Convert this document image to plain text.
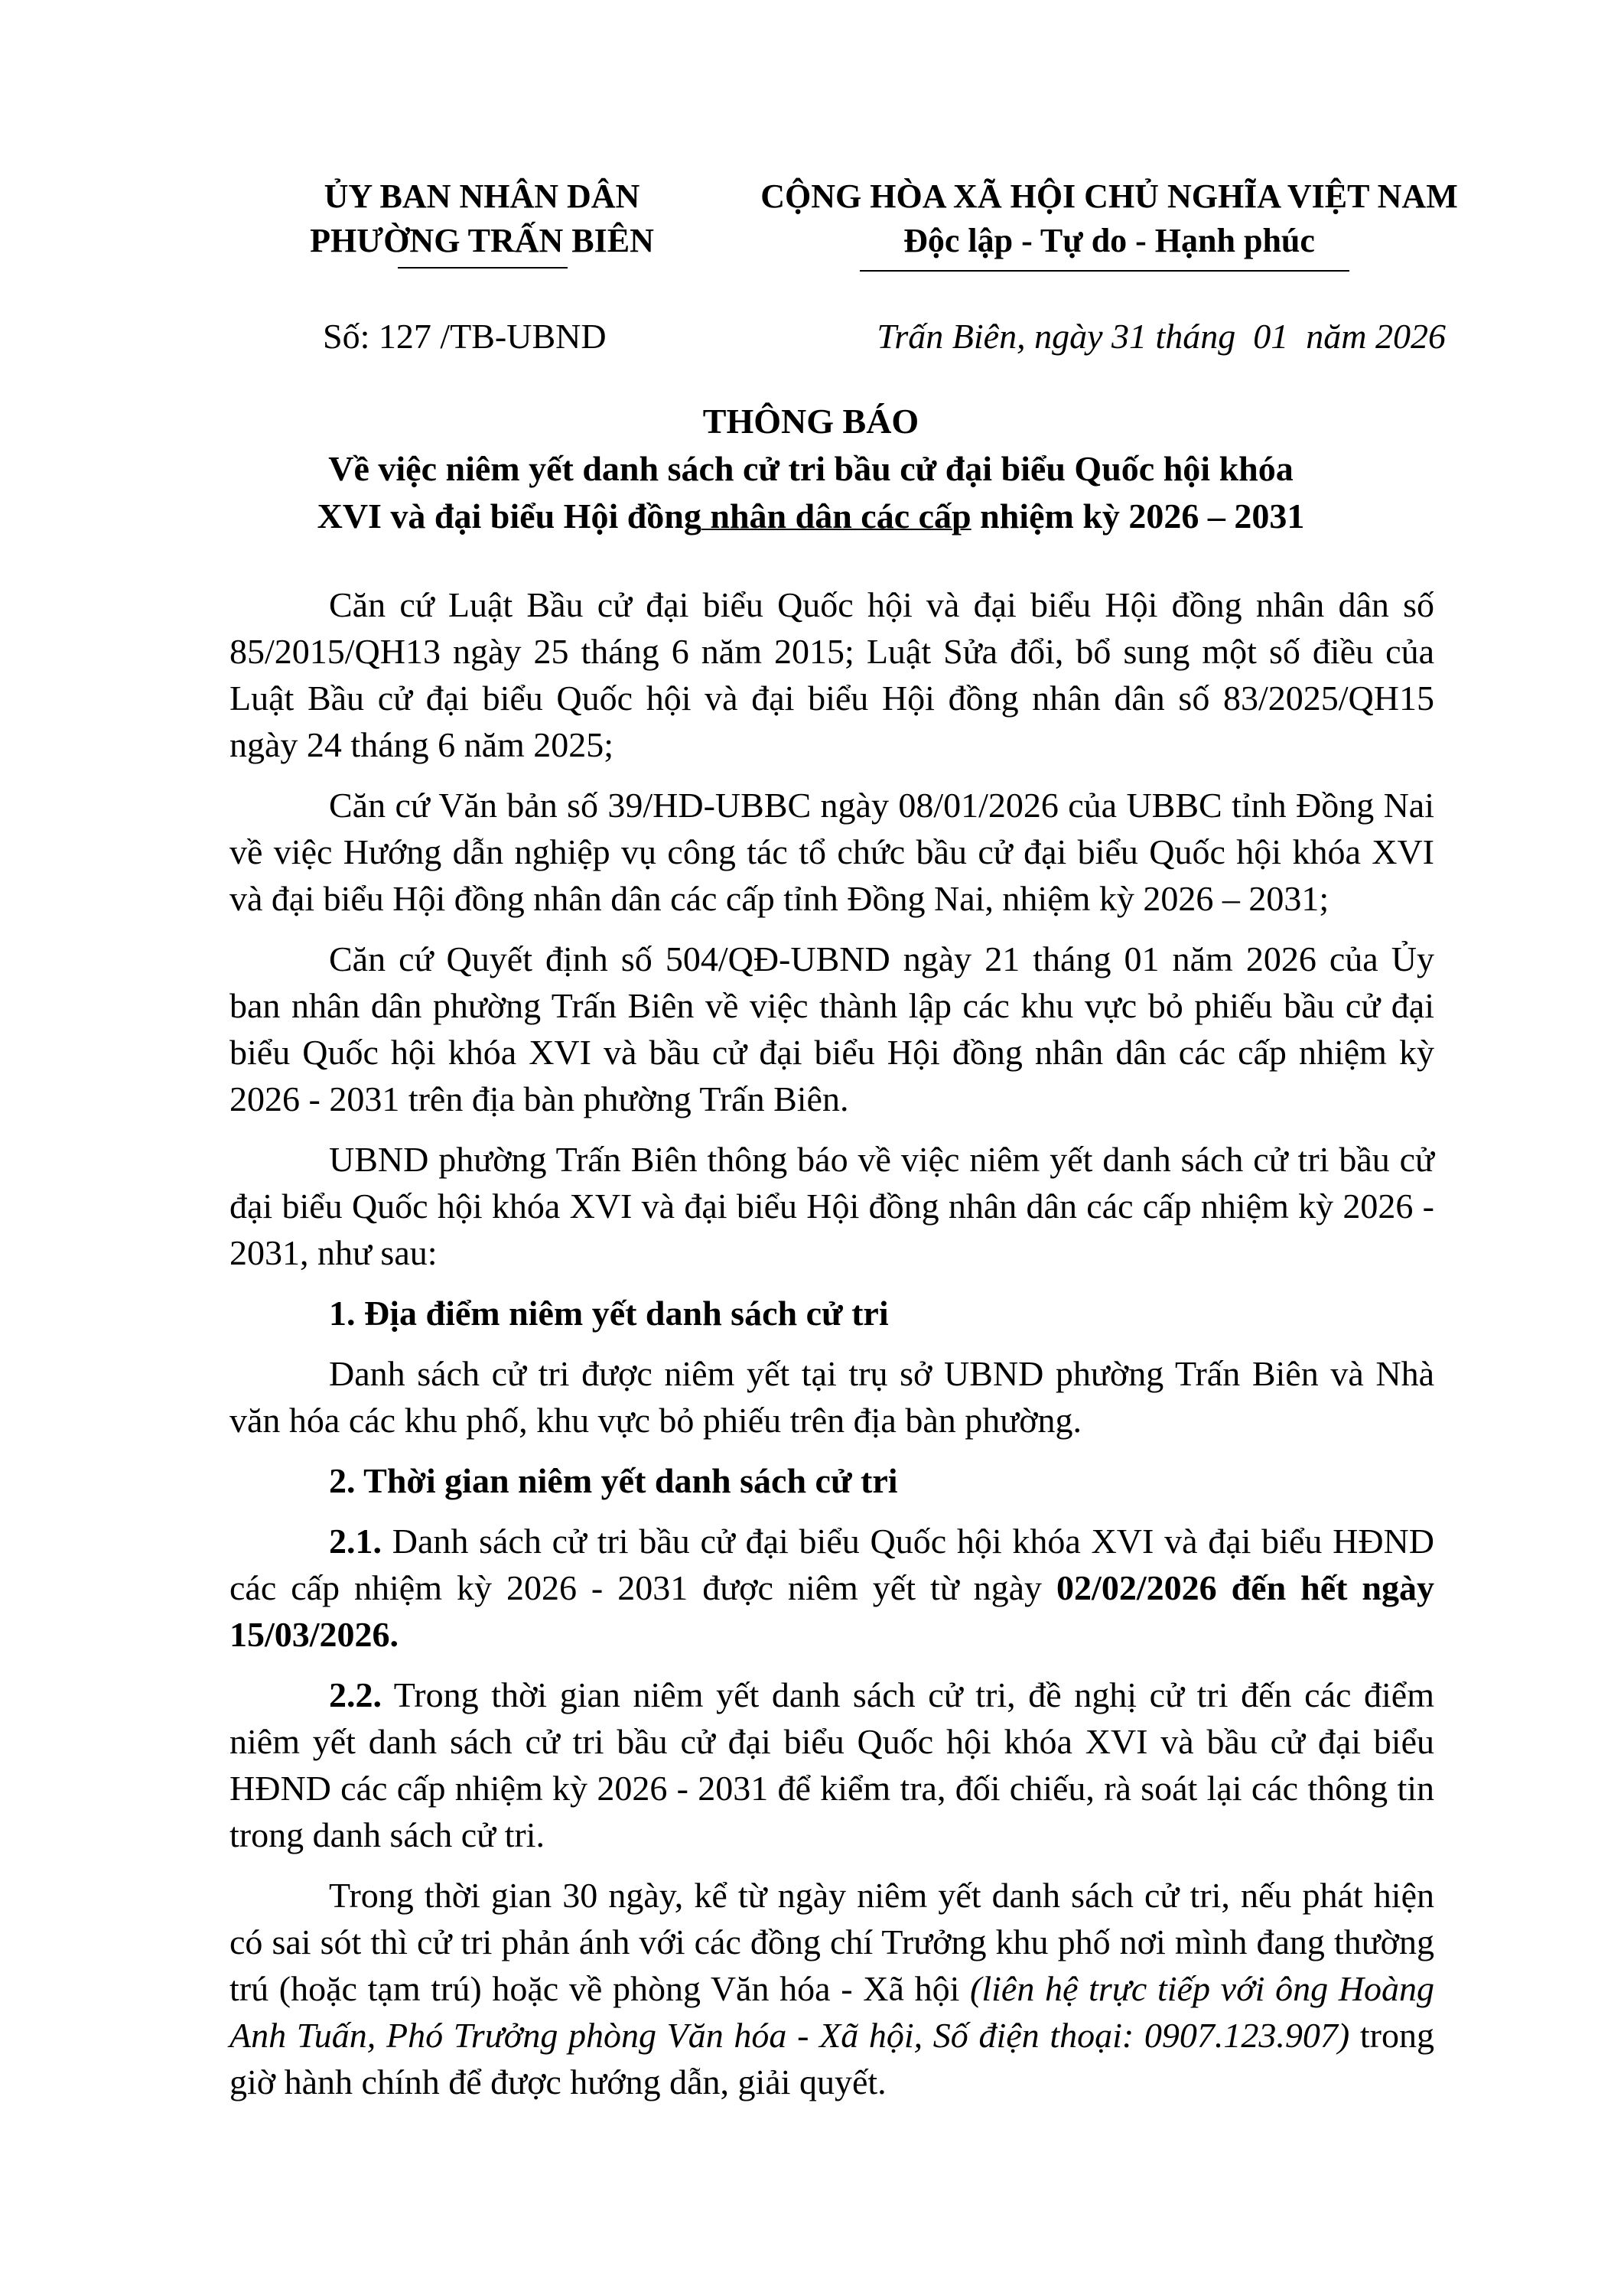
ỦY BAN NHÂN DÂN
PHƯỜNG TRẤN BIÊN
CỘNG HÒA XÃ HỘI CHỦ NGHĨA VIỆT NAM
Độc lập - Tự do - Hạnh phúc
Số: 127 /TB-UBND	Trấn Biên, ngày 31 tháng  01  năm 2026
THÔNG BÁO
Về việc niêm yết danh sách cử tri bầu cử đại biểu Quốc hội khóa
XVI và đại biểu Hội đồng nhân dân các cấp nhiệm kỳ 2026 – 2031

Căn cứ Luật Bầu cử đại biểu Quốc hội và đại biểu Hội đồng nhân dân số 85/2015/QH13 ngày 25 tháng 6 năm 2015; Luật Sửa đổi, bổ sung một số điều của Luật Bầu cử đại biểu Quốc hội và đại biểu Hội đồng nhân dân số 83/2025/QH15 ngày 24 tháng 6 năm 2025;

Căn cứ Văn bản số 39/HD-UBBC ngày 08/01/2026 của UBBC tỉnh Đồng Nai về việc Hướng dẫn nghiệp vụ công tác tổ chức bầu cử đại biểu Quốc hội khóa XVI và đại biểu Hội đồng nhân dân các cấp tỉnh Đồng Nai, nhiệm kỳ 2026 – 2031;

Căn cứ Quyết định số 504/QĐ-UBND ngày 21 tháng 01 năm 2026 của Ủy ban nhân dân phường Trấn Biên về việc thành lập các khu vực bỏ phiếu bầu cử đại biểu Quốc hội khóa XVI và bầu cử đại biểu Hội đồng nhân dân các cấp nhiệm kỳ 2026 - 2031 trên địa bàn phường Trấn Biên.

UBND phường Trấn Biên thông báo về việc niêm yết danh sách cử tri bầu cử đại biểu Quốc hội khóa XVI và đại biểu Hội đồng nhân dân các cấp nhiệm kỳ 2026 - 2031, như sau:

1. Địa điểm niêm yết danh sách cử tri

Danh sách cử tri được niêm yết tại trụ sở UBND phường Trấn Biên và Nhà văn hóa các khu phố, khu vực bỏ phiếu trên địa bàn phường.

2. Thời gian niêm yết danh sách cử tri

2.1. Danh sách cử tri bầu cử đại biểu Quốc hội khóa XVI và đại biểu HĐND các cấp nhiệm kỳ 2026 - 2031 được niêm yết từ ngày 02/02/2026 đến hết ngày 15/03/2026.

2.2. Trong thời gian niêm yết danh sách cử tri, đề nghị cử tri đến các điểm niêm yết danh sách cử tri bầu cử đại biểu Quốc hội khóa XVI và bầu cử đại biểu HĐND các cấp nhiệm kỳ 2026 - 2031 để kiểm tra, đối chiếu, rà soát lại các thông tin trong danh sách cử tri.

Trong thời gian 30 ngày, kể từ ngày niêm yết danh sách cử tri, nếu phát hiện có sai sót thì cử tri phản ánh với các đồng chí Trưởng khu phố nơi mình đang thường trú (hoặc tạm trú) hoặc về phòng Văn hóa - Xã hội (liên hệ trực tiếp với ông Hoàng Anh Tuấn, Phó Trưởng phòng Văn hóa - Xã hội, Số điện thoại: 0907.123.907) trong giờ hành chính để được hướng dẫn, giải quyết.
